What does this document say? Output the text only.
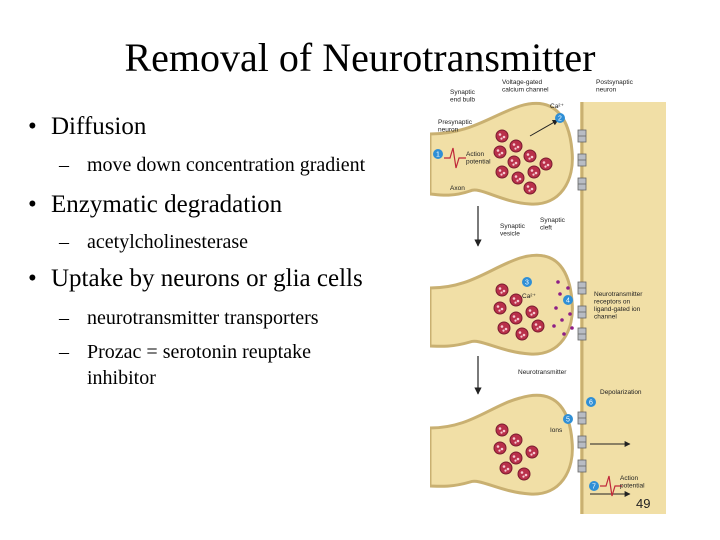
Removal of Neurotransmitter
• Diffusion
– move down concentration gradient
• Enzymatic degradation
– acetylcholinesterase
• Uptake by neurons or glia cells
– neurotransmitter transporters
– Prozac = serotonin reuptake
inhibitor
1
2
3
4
5
6
7
Synaptic end bulb
Voltage-gated calcium channel
Postsynaptic neuron
Ca²⁺
Presynaptic neuron
Action potential
Axon
Synaptic vesicle
Synaptic cleft
Ca²⁺	Neurotransmitter receptors on ligand-gated ion channel
Neurotransmitter
Depolarization
Ions
Action potential
49
